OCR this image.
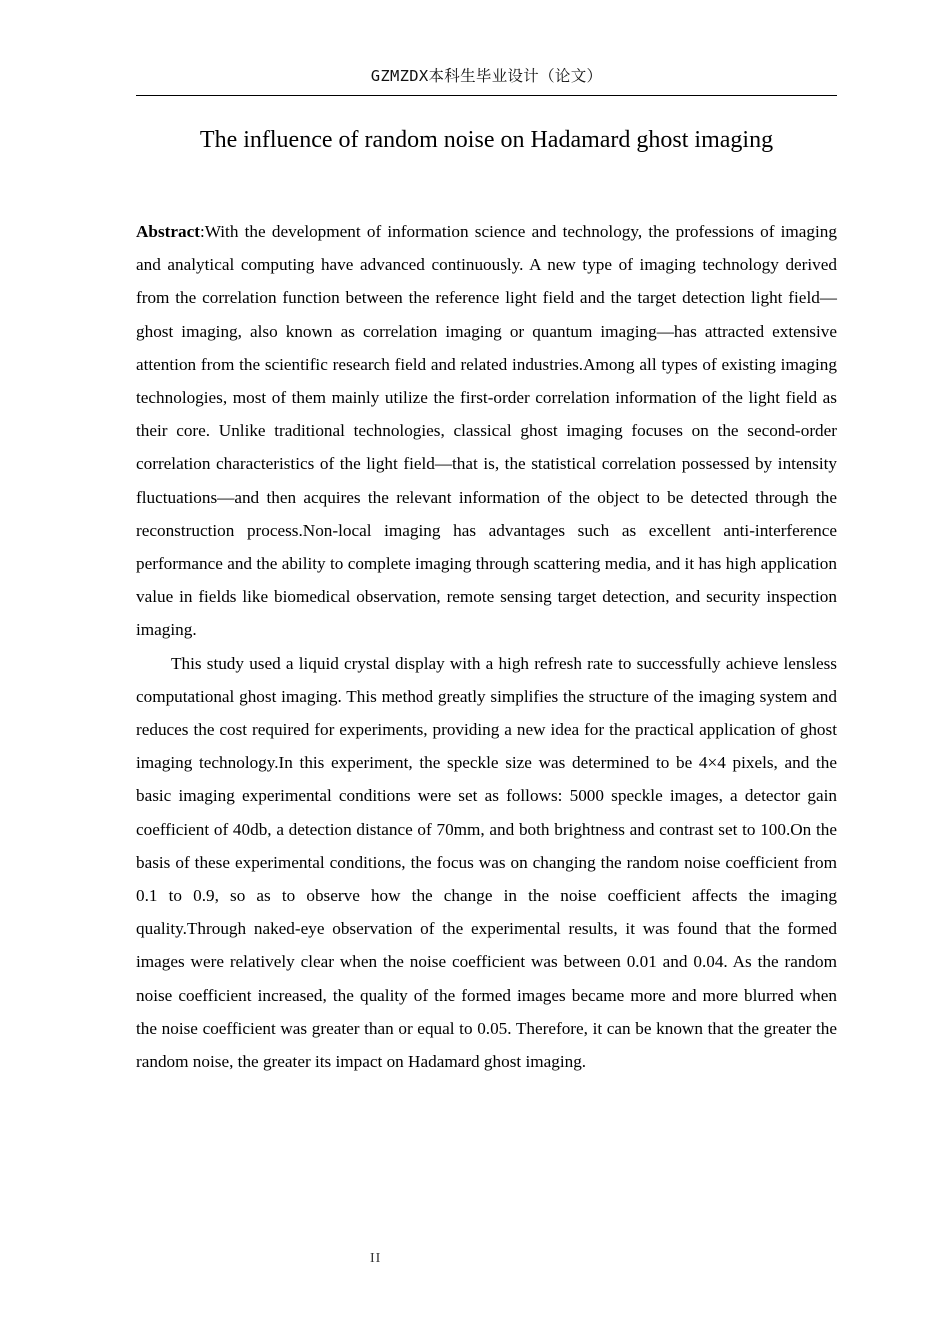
GZMZDX本科生毕业设计（论文）
The influence of random noise on Hadamard ghost imaging

Abstract:With the development of information science and technology, the professions of imaging and analytical computing have advanced continuously. A new type of imaging technology derived from the correlation function between the reference light field and the target detection light field—ghost imaging, also known as correlation imaging or quantum imaging—has attracted extensive attention from the scientific research field and related industries.Among all types of existing imaging technologies, most of them mainly utilize the first-order correlation information of the light field as their core. Unlike traditional technologies, classical ghost imaging focuses on the second-order correlation characteristics of the light field—that is, the statistical correlation possessed by intensity fluctuations—and then acquires the relevant information of the object to be detected through the reconstruction process.Non-local imaging has advantages such as excellent anti-interference performance and the ability to complete imaging through scattering media, and it has high application value in fields like biomedical observation, remote sensing target detection, and security inspection imaging.

This study used a liquid crystal display with a high refresh rate to successfully achieve lensless computational ghost imaging. This method greatly simplifies the structure of the imaging system and reduces the cost required for experiments, providing a new idea for the practical application of ghost imaging technology.In this experiment, the speckle size was determined to be 4×4 pixels, and the basic imaging experimental conditions were set as follows: 5000 speckle images, a detector gain coefficient of 40db, a detection distance of 70mm, and both brightness and contrast set to 100.On the basis of these experimental conditions, the focus was on changing the random noise coefficient from 0.1 to 0.9, so as to observe how the change in the noise coefficient affects the imaging quality.Through naked-eye observation of the experimental results, it was found that the formed images were relatively clear when the noise coefficient was between 0.01 and 0.04. As the random noise coefficient increased, the quality of the formed images became more and more blurred when the noise coefficient was greater than or equal to 0.05. Therefore, it can be known that the greater the random noise, the greater its impact on Hadamard ghost imaging.

II
